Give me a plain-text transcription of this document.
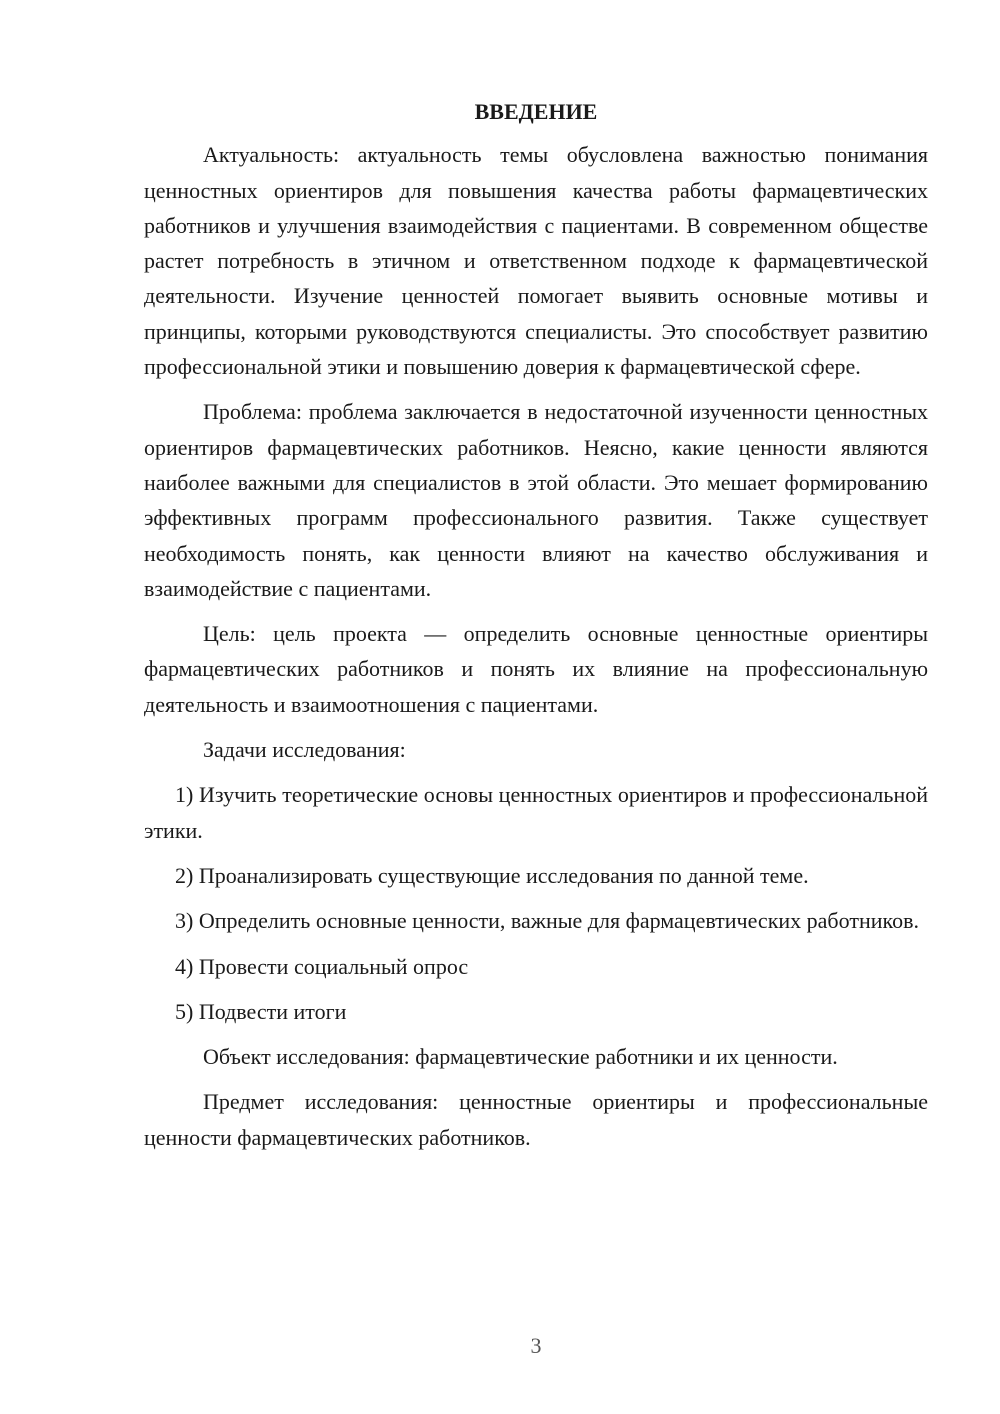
ВВЕДЕНИЕ

Актуальность: актуальность темы обусловлена важностью понимания ценностных ориентиров для повышения качества работы фармацевтических работников и улучшения взаимодействия с пациентами. В современном обществе растет потребность в этичном и ответственном подходе к фармацевтической деятельности. Изучение ценностей помогает выявить основные мотивы и принципы, которыми руководствуются специалисты. Это способствует развитию профессиональной этики и повышению доверия к фармацевтической сфере.

Проблема: проблема заключается в недостаточной изученности ценностных ориентиров фармацевтических работников. Неясно, какие ценности являются наиболее важными для специалистов в этой области. Это мешает формированию эффективных программ профессионального развития. Также существует необходимость понять, как ценности влияют на качество обслуживания и взаимодействие с пациентами.

Цель: цель проекта — определить основные ценностные ориентиры фармацевтических работников и понять их влияние на профессиональную деятельность и взаимоотношения с пациентами.

Задачи исследования:

1) Изучить теоретические основы ценностных ориентиров и профессиональной этики.

2) Проанализировать существующие исследования по данной теме.

3) Определить основные ценности, важные для фармацевтических работников.

4) Провести социальный опрос

5) Подвести итоги

Объект исследования: фармацевтические работники и их ценности.

Предмет исследования: ценностные ориентиры и профессиональные ценности фармацевтических работников.

3
